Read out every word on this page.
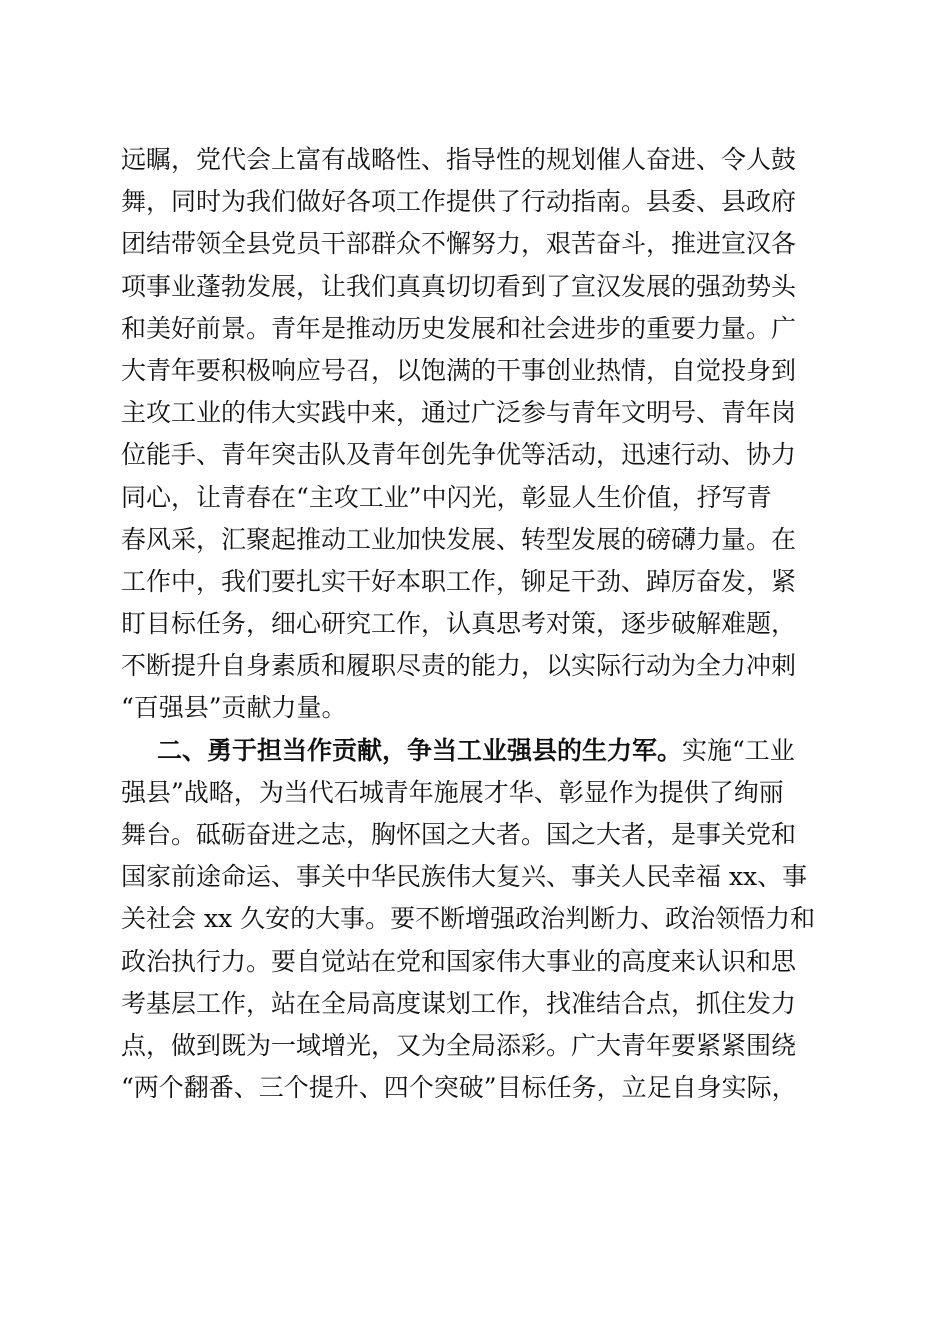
远瞩，党代会上富有战略性、指导性的规划催人奋进、令人鼓
舞，同时为我们做好各项工作提供了行动指南。县委、县政府
团结带领全县党员干部群众不懈努力，艰苦奋斗，推进宣汉各
项事业蓬勃发展，让我们真真切切看到了宣汉发展的强劲势头
和美好前景。青年是推动历史发展和社会进步的重要力量。广
大青年要积极响应号召，以饱满的干事创业热情，自觉投身到
主攻工业的伟大实践中来，通过广泛参与青年文明号、青年岗
位能手、青年突击队及青年创先争优等活动，迅速行动、协力
同心，让青春在“主攻工业”中闪光，彰显人生价值，抒写青
春风采，汇聚起推动工业加快发展、转型发展的磅礴力量。在
工作中，我们要扎实干好本职工作，铆足干劲、踔厉奋发，紧
盯目标任务，细心研究工作，认真思考对策，逐步破解难题，
不断提升自身素质和履职尽责的能力，以实际行动为全力冲刺
“百强县”贡献力量。
二、勇于担当作贡献，争当工业强县的生力军。实施“工业
强县”战略，为当代石城青年施展才华、彰显作为提供了绚丽
舞台。砥砺奋进之志，胸怀国之大者。国之大者，是事关党和
国家前途命运、事关中华民族伟大复兴、事关人民幸福 xx、事
关社会 xx 久安的大事。要不断增强政治判断力、政治领悟力和
政治执行力。要自觉站在党和国家伟大事业的高度来认识和思
考基层工作，站在全局高度谋划工作，找准结合点，抓住发力
点，做到既为一域增光，又为全局添彩。广大青年要紧紧围绕
“两个翻番、三个提升、四个突破”目标任务，立足自身实际，
